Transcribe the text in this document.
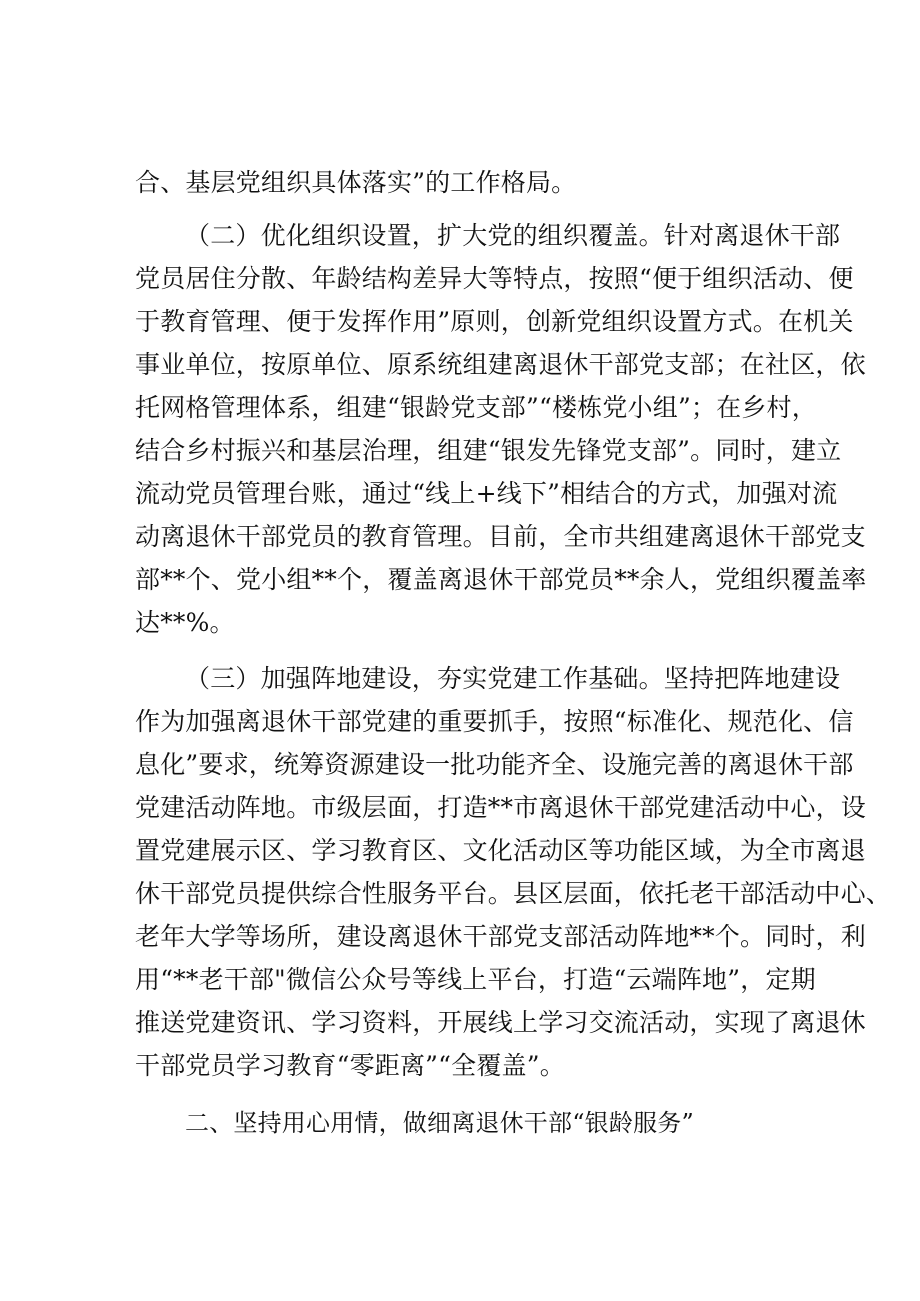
合、基层党组织具体落实”的工作格局。
（二）优化组织设置，扩大党的组织覆盖。针对离退休干部
党员居住分散、年龄结构差异大等特点，按照“便于组织活动、便
于教育管理、便于发挥作用”原则，创新党组织设置方式。在机关
事业单位，按原单位、原系统组建离退休干部党支部；在社区，依
托网格管理体系，组建“银龄党支部”“楼栋党小组”；在乡村，
结合乡村振兴和基层治理，组建“银发先锋党支部”。同时，建立
流动党员管理台账，通过“线上+线下”相结合的方式，加强对流
动离退休干部党员的教育管理。目前，全市共组建离退休干部党支
部**个、党小组**个，覆盖离退休干部党员**余人，党组织覆盖率
达**%。
（三）加强阵地建设，夯实党建工作基础。坚持把阵地建设
作为加强离退休干部党建的重要抓手，按照“标准化、规范化、信
息化”要求，统筹资源建设一批功能齐全、设施完善的离退休干部
党建活动阵地。市级层面，打造**市离退休干部党建活动中心，设
置党建展示区、学习教育区、文化活动区等功能区域，为全市离退
休干部党员提供综合性服务平台。县区层面，依托老干部活动中心、
老年大学等场所，建设离退休干部党支部活动阵地**个。同时，利
用“**老干部"微信公众号等线上平台，打造“云端阵地”，定期
推送党建资讯、学习资料，开展线上学习交流活动，实现了离退休
干部党员学习教育“零距离”“全覆盖”。
二、坚持用心用情，做细离退休干部“银龄服务”
